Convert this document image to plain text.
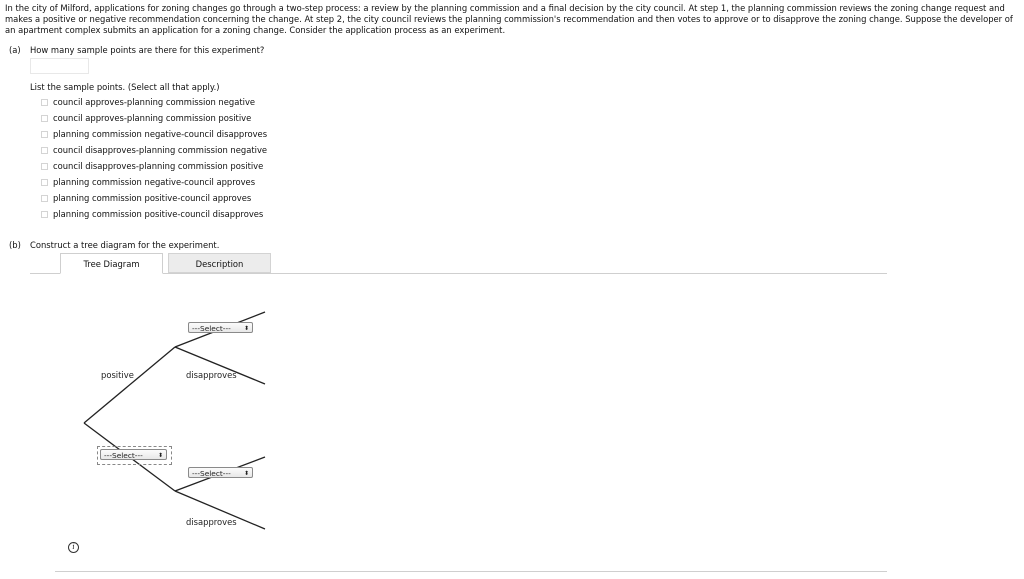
In the city of Milford, applications for zoning changes go through a two-step process: a review by the planning commission and a final decision by the city council. At step 1, the planning commission reviews the zoning change request and makes a positive or negative recommendation concerning the change. At step 2, the city council reviews the planning commission's recommendation and then votes to approve or to disapprove the zoning change. Suppose the developer of an apartment complex submits an application for a zoning change. Consider the application process as an experiment.
(a) How many sample points are there for this experiment?
List the sample points. (Select all that apply.)
council approves-planning commission negative
council approves-planning commission positive
planning commission negative-council disapproves
council disapproves-planning commission negative
council disapproves-planning commission positive
planning commission negative-council approves
planning commission positive-council approves
planning commission positive-council disapproves
(b) Construct a tree diagram for the experiment.
Tree Diagram	Description
---Select--- ⬍
positive	disapproves
---Select---	⬍
---Select--- ⬍
disapproves
i
